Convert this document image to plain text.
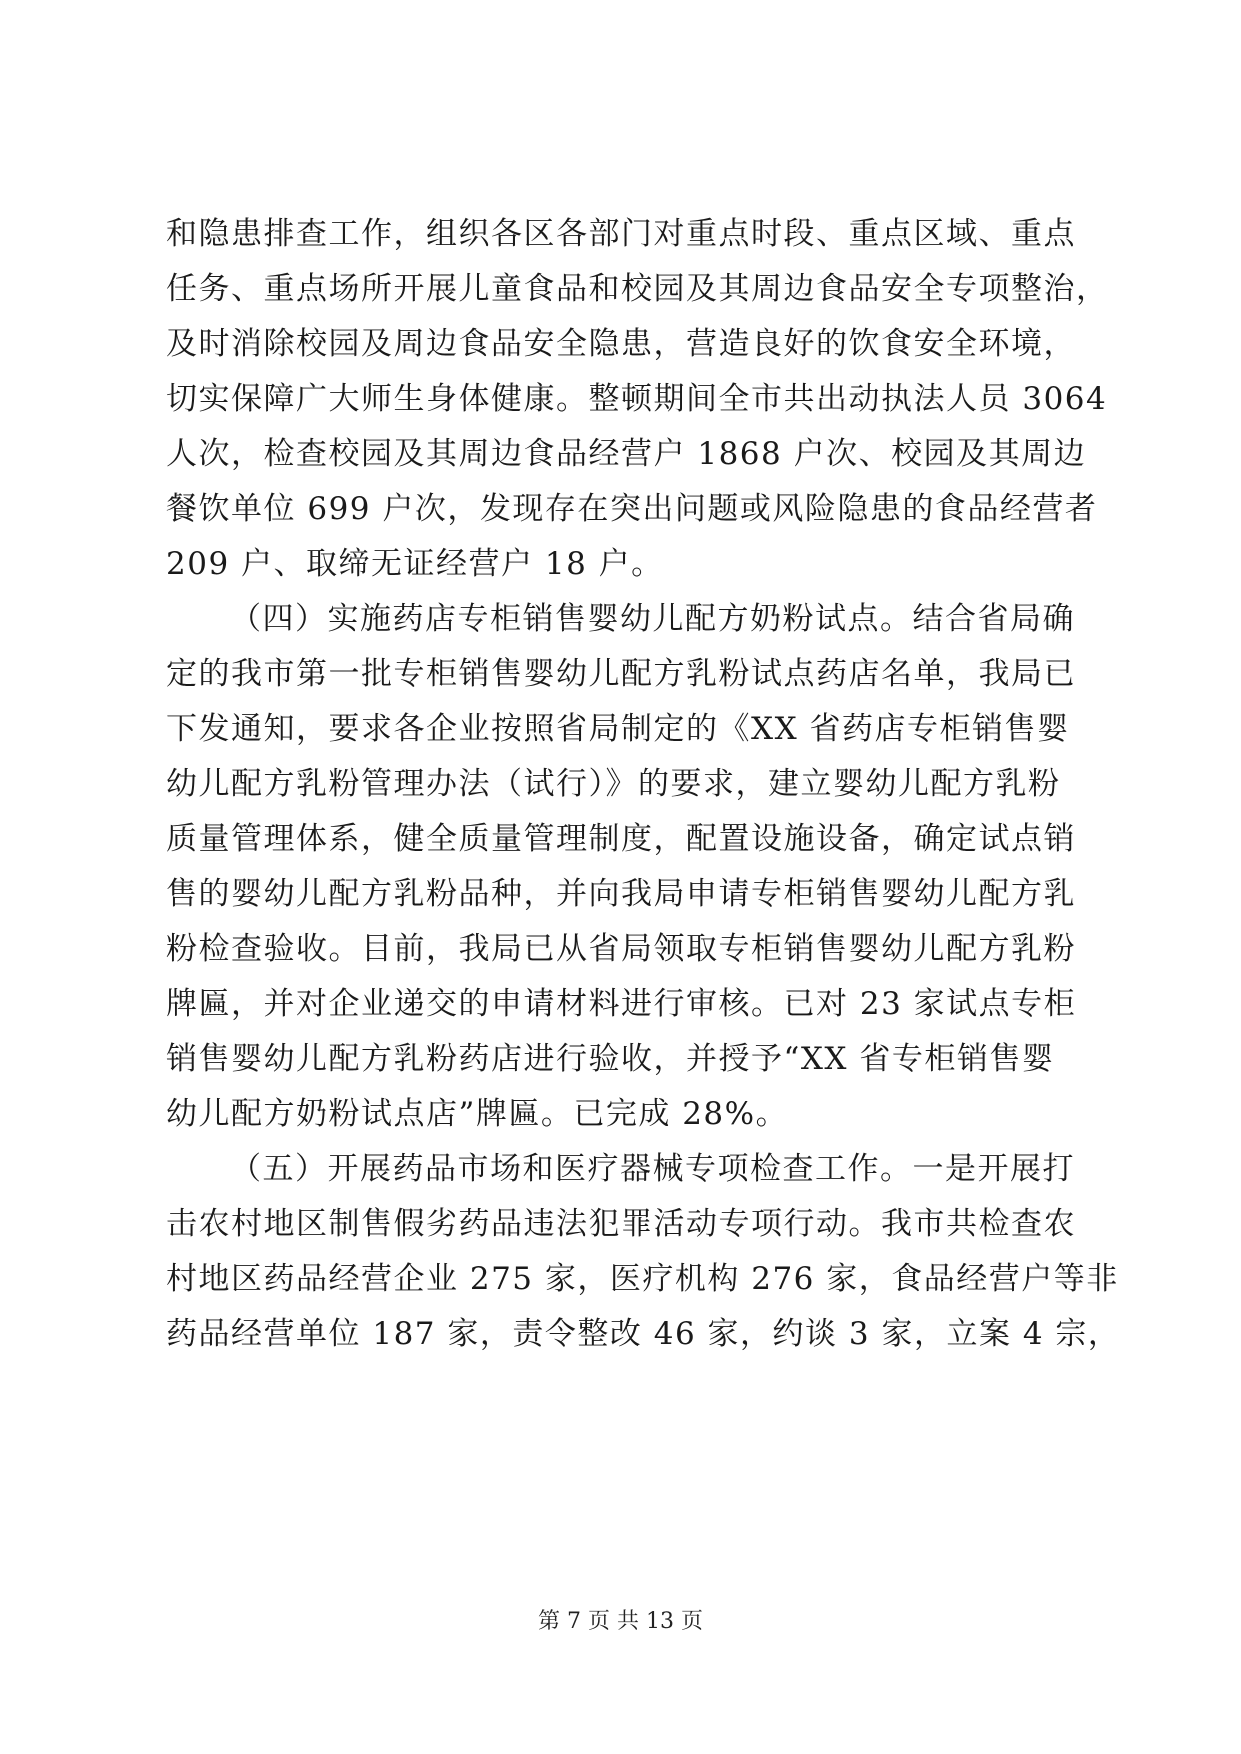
和隐患排查工作，组织各区各部门对重点时段、重点区域、重点
任务、重点场所开展儿童食品和校园及其周边食品安全专项整治，
及时消除校园及周边食品安全隐患，营造良好的饮食安全环境，
切实保障广大师生身体健康。整顿期间全市共出动执法人员 3064
人次，检查校园及其周边食品经营户 1868 户次、校园及其周边
餐饮单位 699 户次，发现存在突出问题或风险隐患的食品经营者
209 户、取缔无证经营户 18 户。
（四）实施药店专柜销售婴幼儿配方奶粉试点。结合省局确
定的我市第一批专柜销售婴幼儿配方乳粉试点药店名单，我局已
下发通知，要求各企业按照省局制定的《XX 省药店专柜销售婴
幼儿配方乳粉管理办法（试行）》的要求，建立婴幼儿配方乳粉
质量管理体系，健全质量管理制度，配置设施设备，确定试点销
售的婴幼儿配方乳粉品种，并向我局申请专柜销售婴幼儿配方乳
粉检查验收。目前，我局已从省局领取专柜销售婴幼儿配方乳粉
牌匾，并对企业递交的申请材料进行审核。已对 23 家试点专柜
销售婴幼儿配方乳粉药店进行验收，并授予“XX 省专柜销售婴
幼儿配方奶粉试点店”牌匾。已完成 28%。
（五）开展药品市场和医疗器械专项检查工作。一是开展打
击农村地区制售假劣药品违法犯罪活动专项行动。我市共检查农
村地区药品经营企业 275 家，医疗机构 276 家，食品经营户等非
药品经营单位 187 家，责令整改 46 家，约谈 3 家，立案 4 宗，
第 7 页 共 13 页
